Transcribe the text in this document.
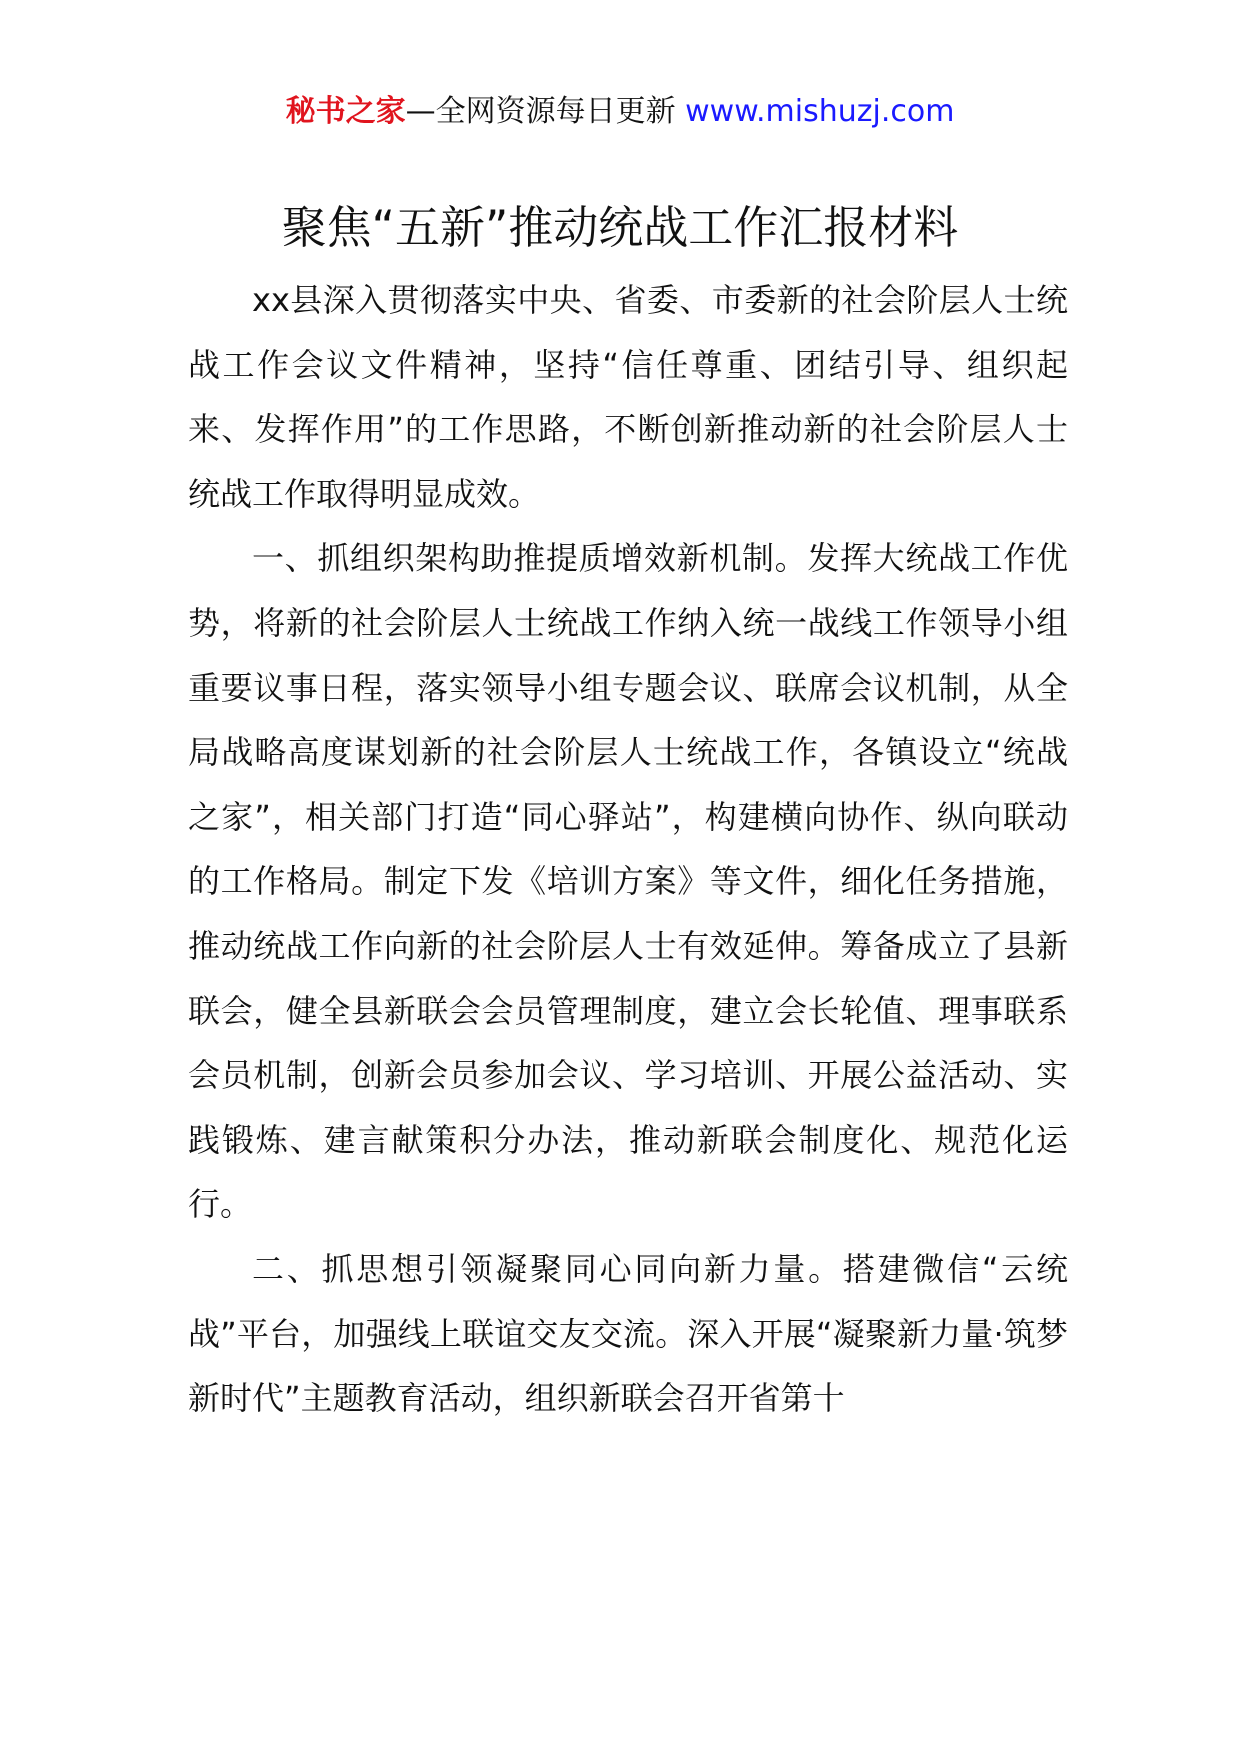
秘书之家—全网资源每日更新 www.mishuzj.com
聚焦“五新”推动统战工作汇报材料

xx县深入贯彻落实中央、省委、市委新的社会阶层人士统战工作会议文件精神，坚持“信任尊重、团结引导、组织起来、发挥作用”的工作思路，不断创新推动新的社会阶层人士统战工作取得明显成效。

一、抓组织架构助推提质增效新机制。发挥大统战工作优势，将新的社会阶层人士统战工作纳入统一战线工作领导小组重要议事日程，落实领导小组专题会议、联席会议机制，从全局战略高度谋划新的社会阶层人士统战工作，各镇设立“统战之家”，相关部门打造“同心驿站”，构建横向协作、纵向联动的工作格局。制定下发《培训方案》等文件，细化任务措施，推动统战工作向新的社会阶层人士有效延伸。筹备成立了县新联会，健全县新联会会员管理制度，建立会长轮值、理事联系会员机制，创新会员参加会议、学习培训、开展公益活动、实践锻炼、建言献策积分办法，推动新联会制度化、规范化运行。

二、抓思想引领凝聚同心同向新力量。搭建微信“云统战”平台，加强线上联谊交友交流。深入开展“凝聚新力量·筑梦新时代”主题教育活动，组织新联会召开省第十
